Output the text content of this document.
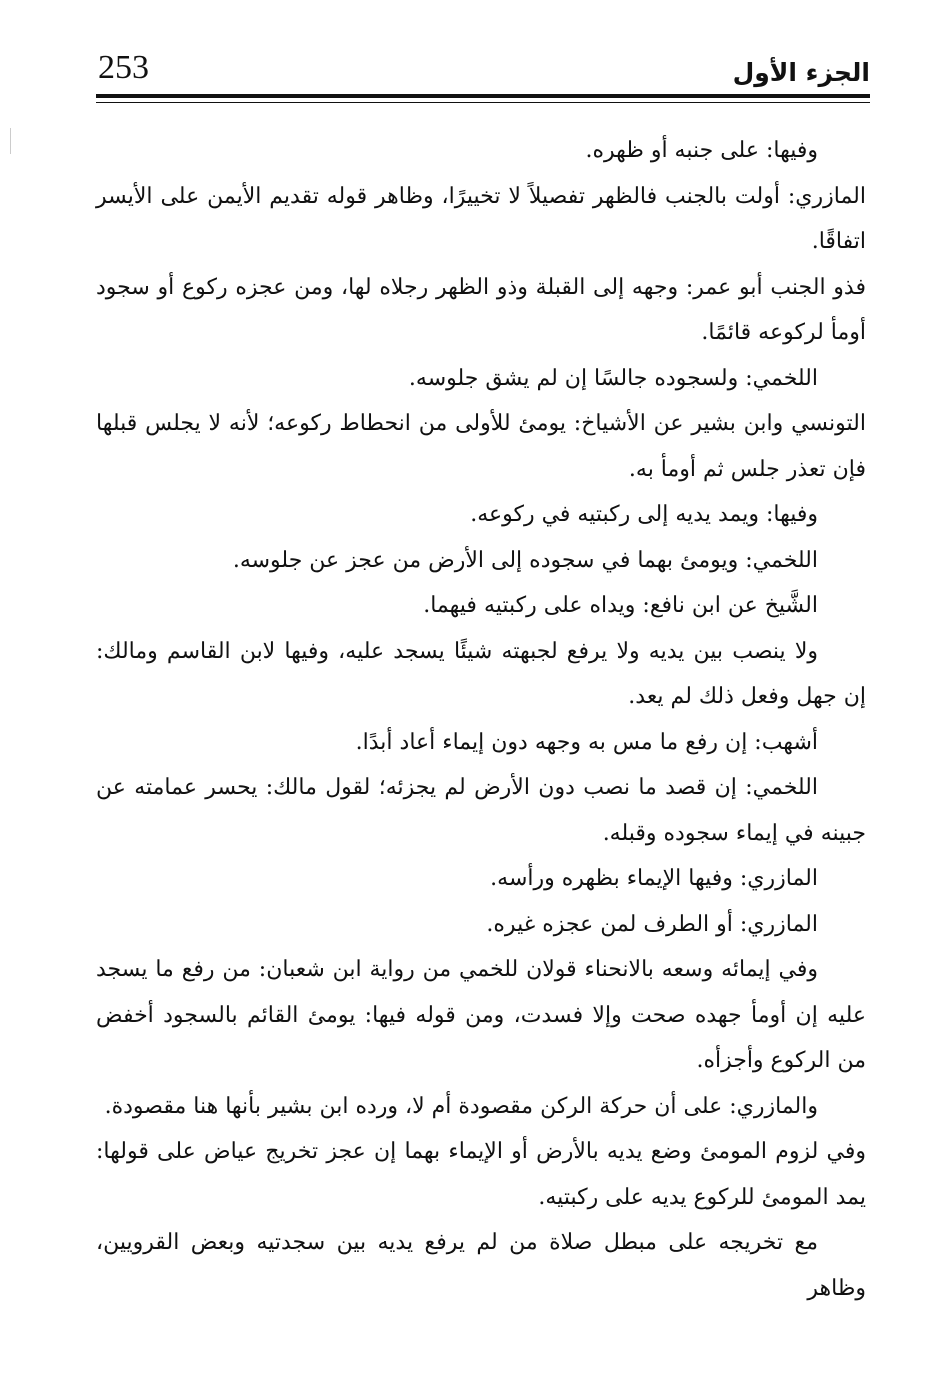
253	الجزء الأول

وفيها: على جنبه أو ظهره.

المازري: أولت بالجنب فالظهر تفصيلاً لا تخييرًا، وظاهر قوله تقديم الأيمن على الأيسر اتفاقًا.

فذو الجنب أبو عمر: وجهه إلى القبلة وذو الظهر رجلاه لها، ومن عجزه ركوع أو سجود أومأ لركوعه قائمًا.

اللخمي: ولسجوده جالسًا إن لم يشق جلوسه.

التونسي وابن بشير عن الأشياخ: يومئ للأولى من انحطاط ركوعه؛ لأنه لا يجلس قبلها فإن تعذر جلس ثم أومأ به.

وفيها: ويمد يديه إلى ركبتيه في ركوعه.

اللخمي: ويومئ بهما في سجوده إلى الأرض من عجز عن جلوسه.

الشَّيخ عن ابن نافع: ويداه على ركبتيه فيهما.

ولا ينصب بين يديه ولا يرفع لجبهته شيئًا يسجد عليه، وفيها لابن القاسم ومالك: إن جهل وفعل ذلك لم يعد.

أشهب: إن رفع ما مس به وجهه دون إيماء أعاد أبدًا.

اللخمي: إن قصد ما نصب دون الأرض لم يجزئه؛ لقول مالك: يحسر عمامته عن جبينه في إيماء سجوده وقبله.

المازري: وفيها الإيماء بظهره ورأسه.

المازري: أو الطرف لمن عجزه غيره.

وفي إيمائه وسعه بالانحناء قولان للخمي من رواية ابن شعبان: من رفع ما يسجد عليه إن أومأ جهده صحت وإلا فسدت، ومن قوله فيها: يومئ القائم بالسجود أخفض من الركوع وأجزأه.

والمازري: على أن حركة الركن مقصودة أم لا، ورده ابن بشير بأنها هنا مقصودة.

وفي لزوم المومئ وضع يديه بالأرض أو الإيماء بهما إن عجز تخريج عياض على قولها: يمد المومئ للركوع يديه على ركبتيه.

مع تخريجه على مبطل صلاة من لم يرفع يديه بين سجدتيه وبعض القرويين، وظاهر
